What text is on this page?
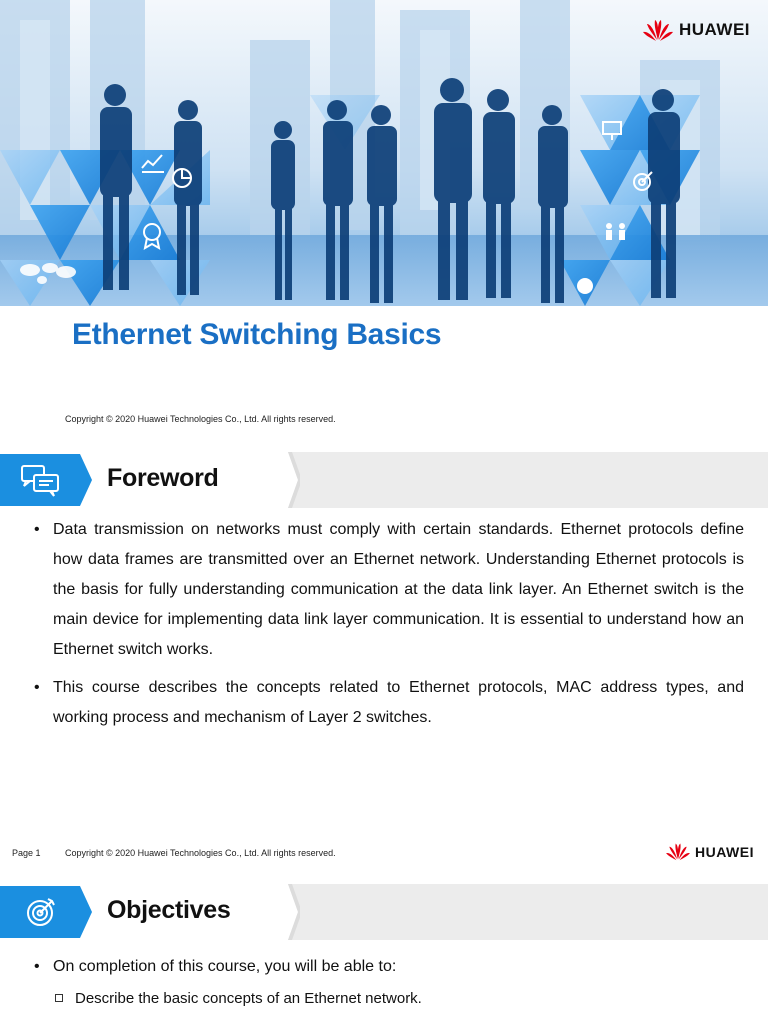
HUAWEI
Ethernet Switching Basics
Copyright © 2020 Huawei Technologies Co., Ltd. All rights reserved.
Foreword
• Data transmission on networks must comply with certain standards. Ethernet protocols define how data frames are transmitted over an Ethernet network. Understanding Ethernet protocols is the basis for fully understanding communication at the data link layer. An Ethernet switch is the main device for implementing data link layer communication. It is essential to understand how an Ethernet switch works.
• This course describes the concepts related to Ethernet protocols, MAC address types, and working process and mechanism of Layer 2 switches.
Page 1	Copyright © 2020 Huawei Technologies Co., Ltd. All rights reserved.	HUAWEI
Objectives
• On completion of this course, you will be able to:
Describe the basic concepts of an Ethernet network.
